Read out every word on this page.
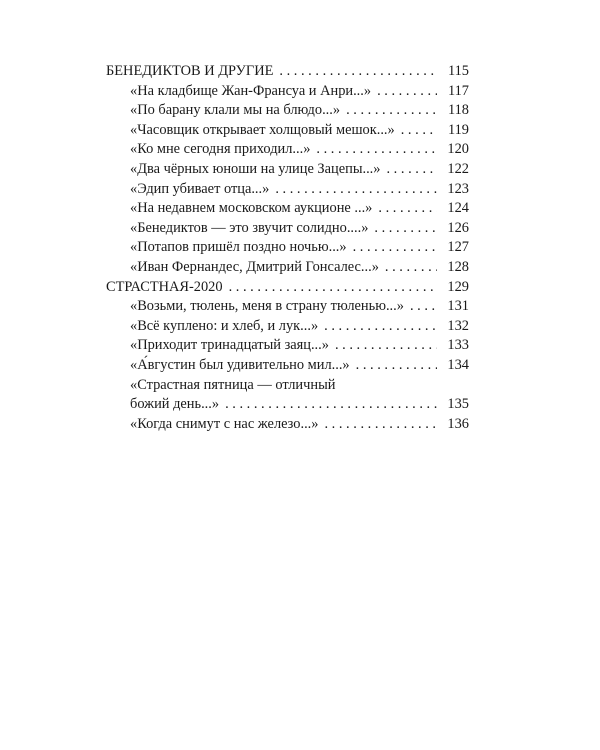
БЕНЕДИКТОВ И ДРУГИЕ . . .	115
«На кладбище Жан-Франсуа и Анри...» . . .	117
«По барану клали мы на блюдо...» . . .	118
«Часовщик открывает холщовый мешок...» . . .	119
«Ко мне сегодня приходил...» . . .	120
«Два чёрных юноши на улице Зацепы...» . . .	122
«Эдип убивает отца...» . . .	123
«На недавнем московском аукционе ...» . . .	124
«Бенедиктов — это звучит солидно....» . . .	126
«Потапов пришёл поздно ночью...» . . .	127
«Иван Фернандес, Дмитрий Гонсалес...» . . .	128
СТРАСТНАЯ-2020 . . .	129
«Возьми, тюлень, меня в страну тюленью...» . . .	131
«Всё куплено: и хлеб, и лук...» . . .	132
«Приходит тринадцатый заяц...» . . .	133
«А́вгустин был удивительно мил...» . . .	134
«Страстная пятница — отличный
божий день...» . . .	135
«Когда снимут с нас железо...» . . .	136
